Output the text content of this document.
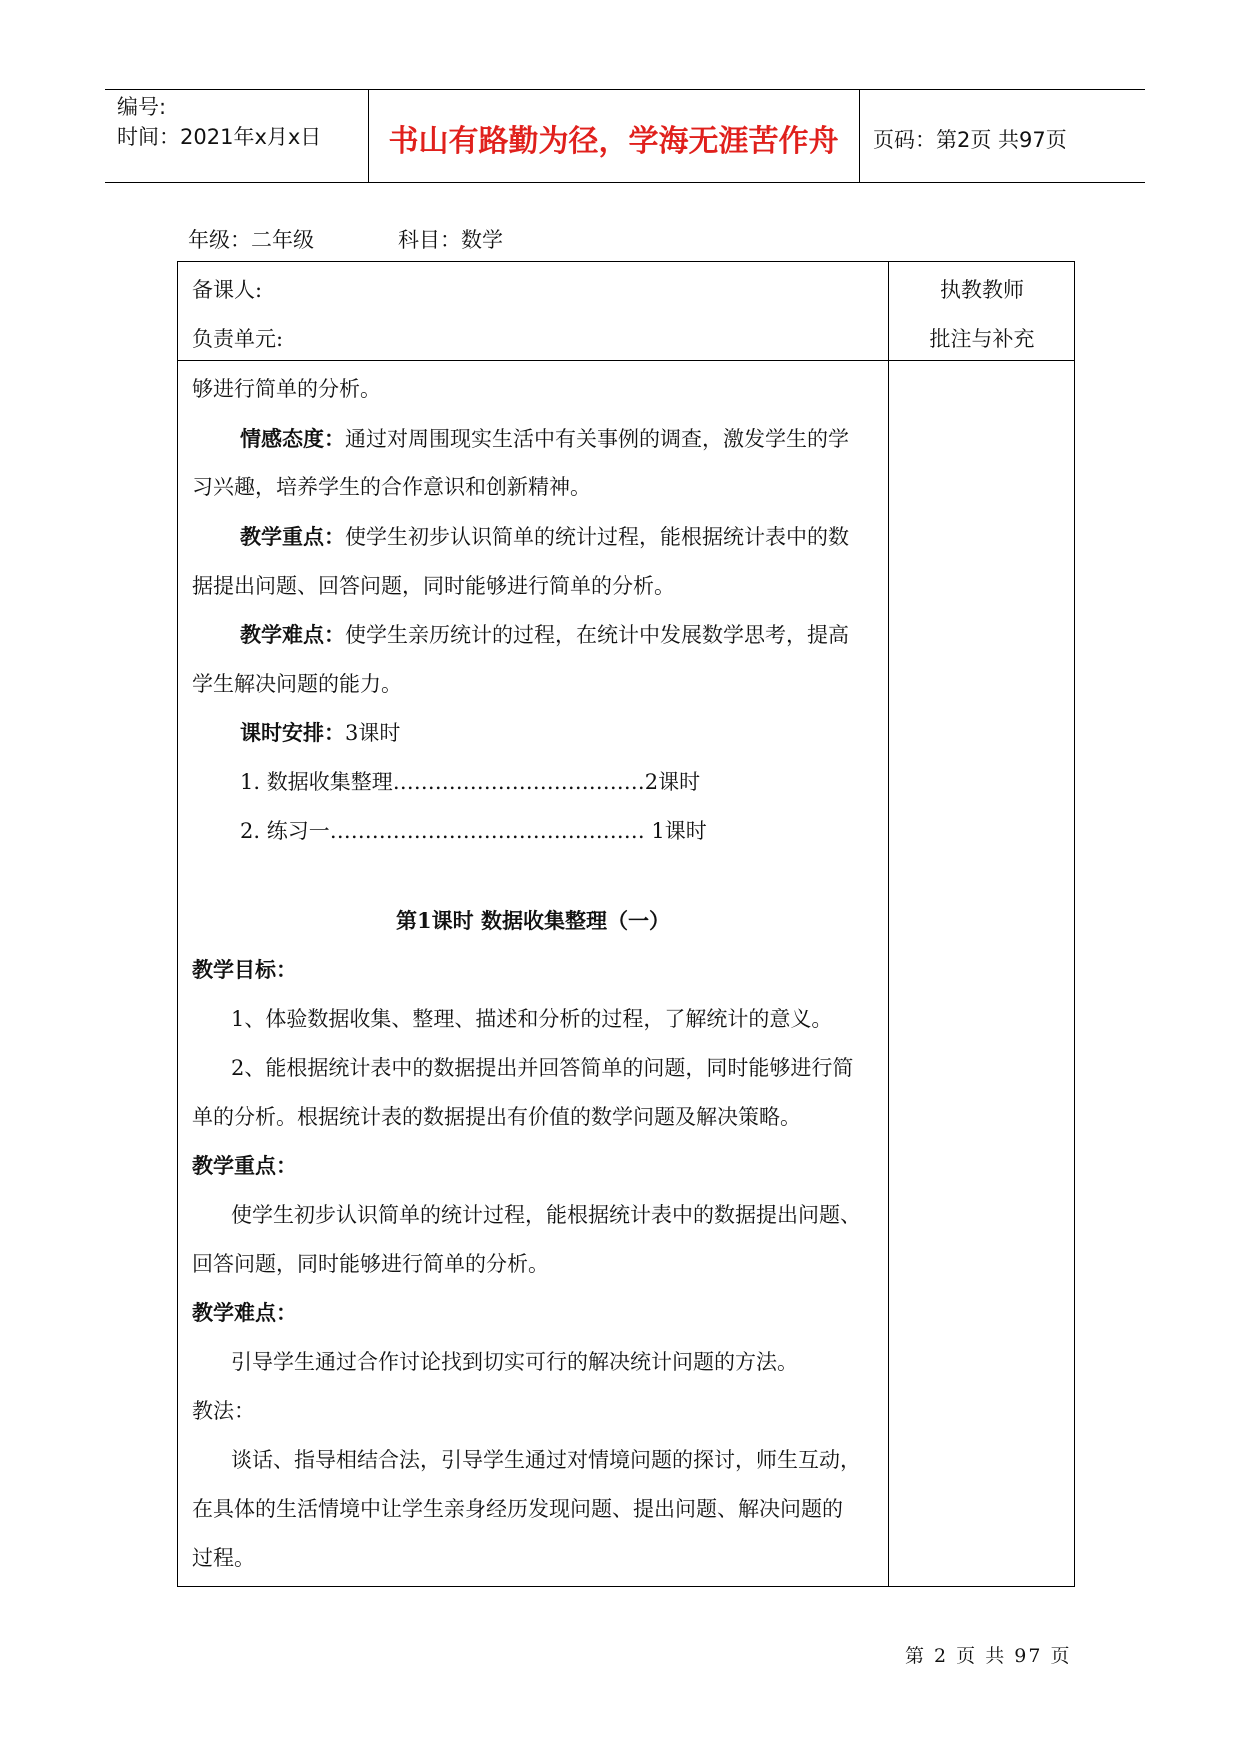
编号:
时间：2021年x月x日	书山有路勤为径，学海无涯苦作舟	页码：第2页 共97页
年级：二年级	科目：数学
备课人:
负责单元:
执教教师
批注与补充
够进行简单的分析。
情感态度：通过对周围现实生活中有关事例的调查，激发学生的学
习兴趣，培养学生的合作意识和创新精神。
教学重点：使学生初步认识简单的统计过程，能根据统计表中的数
据提出问题、回答问题，同时能够进行简单的分析。
教学难点：使学生亲历统计的过程，在统计中发展数学思考，提高
学生解决问题的能力。
课时安排：3课时
1. 数据收集整理………………………………2课时
2. 练习一……………………………………… 1课时
第1课时 数据收集整理（一）
教学目标：
1、体验数据收集、整理、描述和分析的过程，了解统计的意义。
2、能根据统计表中的数据提出并回答简单的问题，同时能够进行简
单的分析。根据统计表的数据提出有价值的数学问题及解决策略。
教学重点：
使学生初步认识简单的统计过程，能根据统计表中的数据提出问题、
回答问题，同时能够进行简单的分析。
教学难点：
引导学生通过合作讨论找到切实可行的解决统计问题的方法。
教法：
谈话、指导相结合法，引导学生通过对情境问题的探讨，师生互动，
在具体的生活情境中让学生亲身经历发现问题、提出问题、解决问题的
过程。
第 2 页 共 97 页
